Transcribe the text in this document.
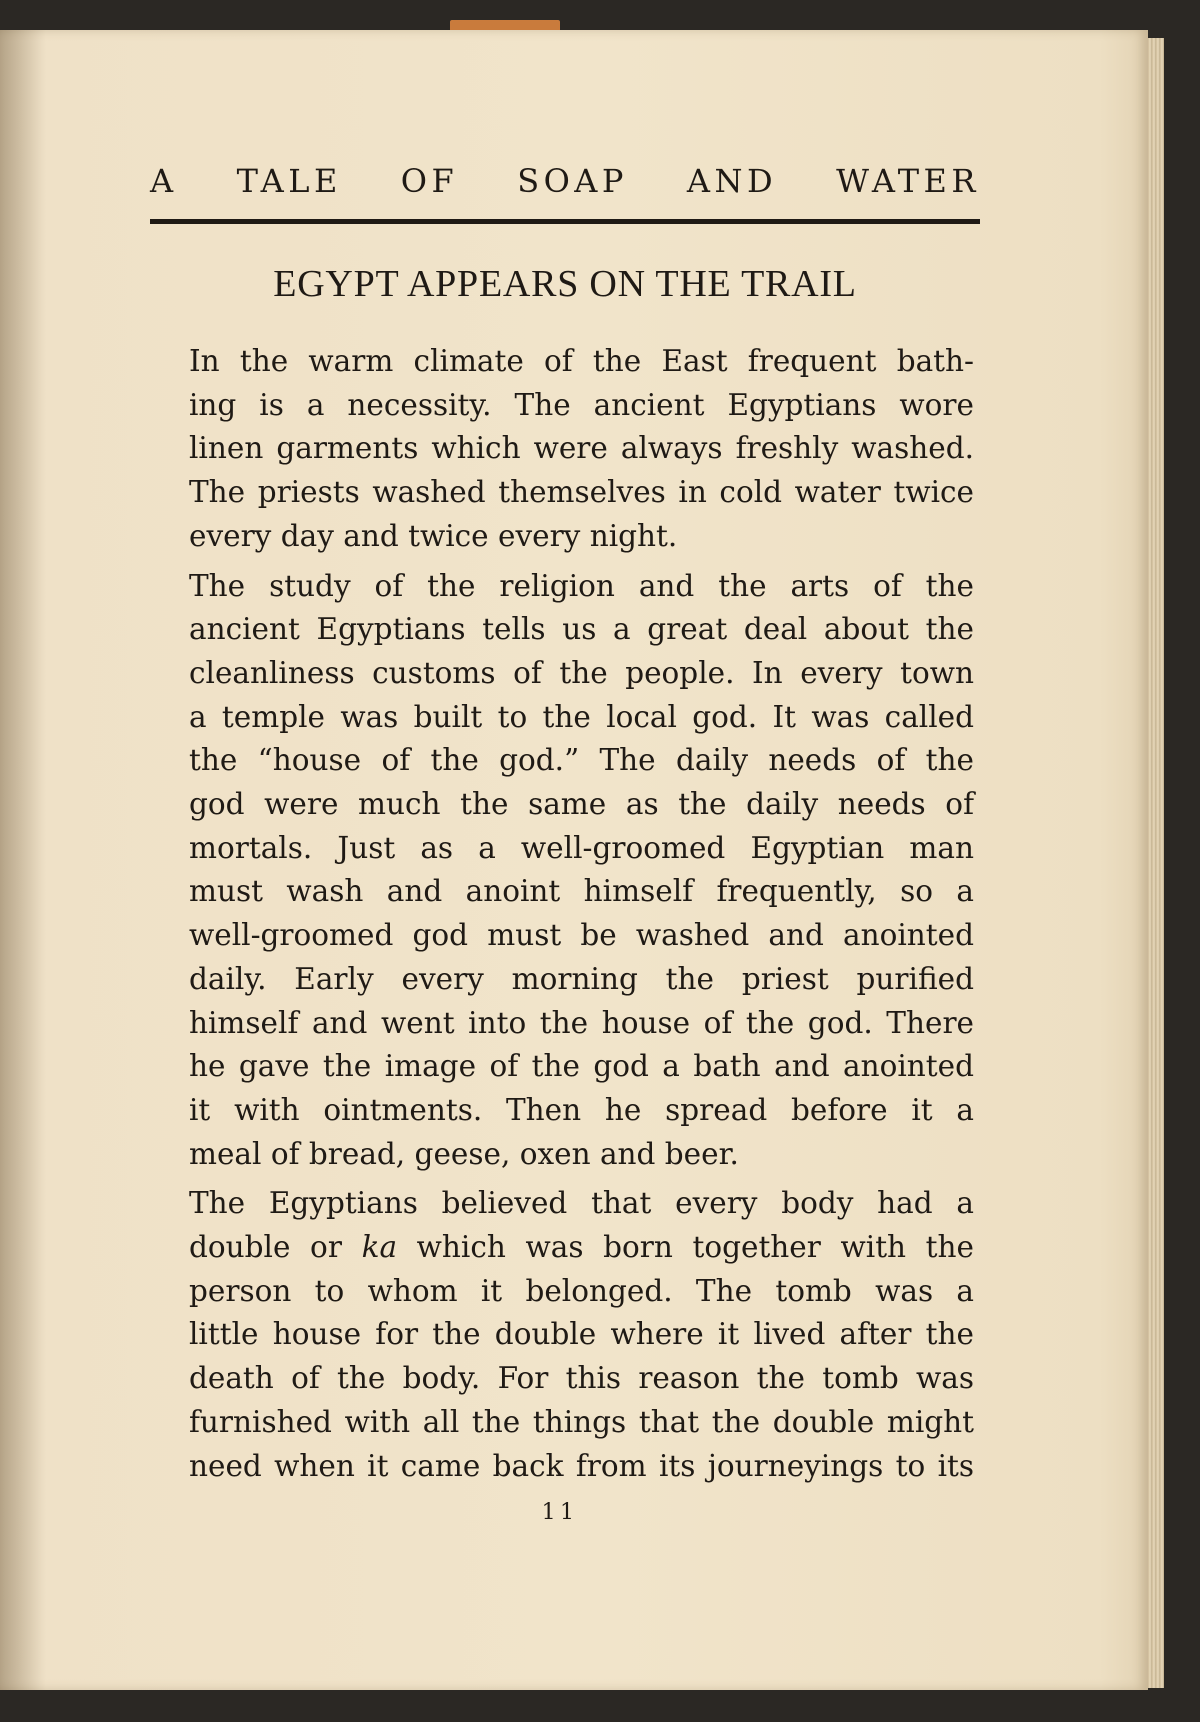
A TALE OF SOAP AND WATER
EGYPT APPEARS ON THE TRAIL

In the warm climate of the East frequent bath-
ing is a necessity. The ancient Egyptians wore
linen garments which were always freshly washed.
The priests washed themselves in cold water twice
every day and twice every night.

The study of the religion and the arts of the
ancient Egyptians tells us a great deal about the
cleanliness customs of the people. In every town
a temple was built to the local god. It was called
the “house of the god.” The daily needs of the
god were much the same as the daily needs of
mortals. Just as a well-groomed Egyptian man
must wash and anoint himself frequently, so a
well-groomed god must be washed and anointed
daily. Early every morning the priest purified
himself and went into the house of the god. There
he gave the image of the god a bath and anointed
it with ointments. Then he spread before it a
meal of bread, geese, oxen and beer.

The Egyptians believed that every body had a
double or ka which was born together with the
person to whom it belonged. The tomb was a
little house for the double where it lived after the
death of the body. For this reason the tomb was
furnished with all the things that the double might
need when it came back from its journeyings to its

11
